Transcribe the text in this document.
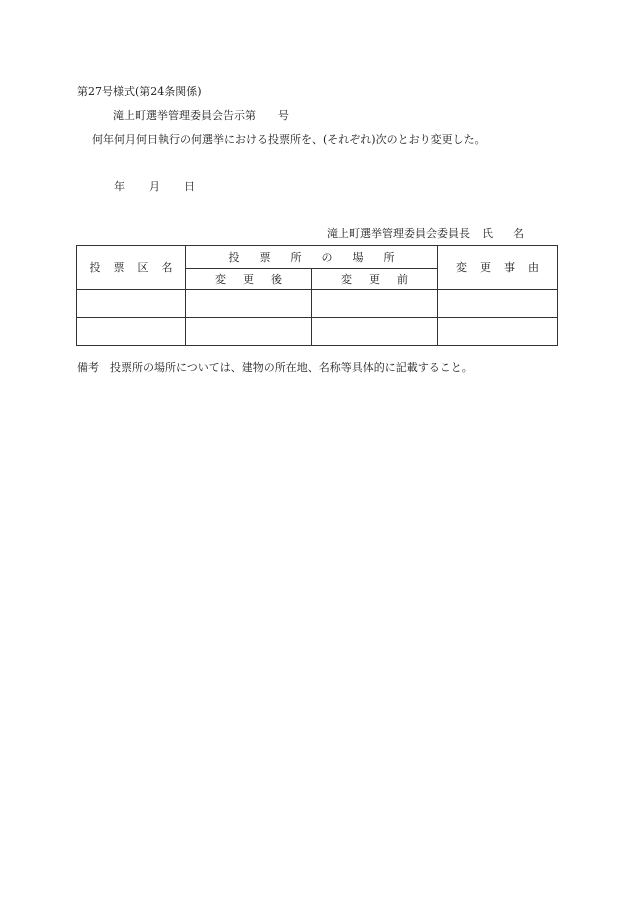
第27号様式(第24条関係)
滝上町選挙管理委員会告示第 号
何年何月何日執行の何選挙における投票所を、(それぞれ)次のとおり変更した。
年 月 日
滝上町選挙管理委員会委員長 氏 名
投票区名	投票所の場所		変更事由
	変更後	変更前	

備考 投票所の場所については、建物の所在地、名称等具体的に記載すること。
